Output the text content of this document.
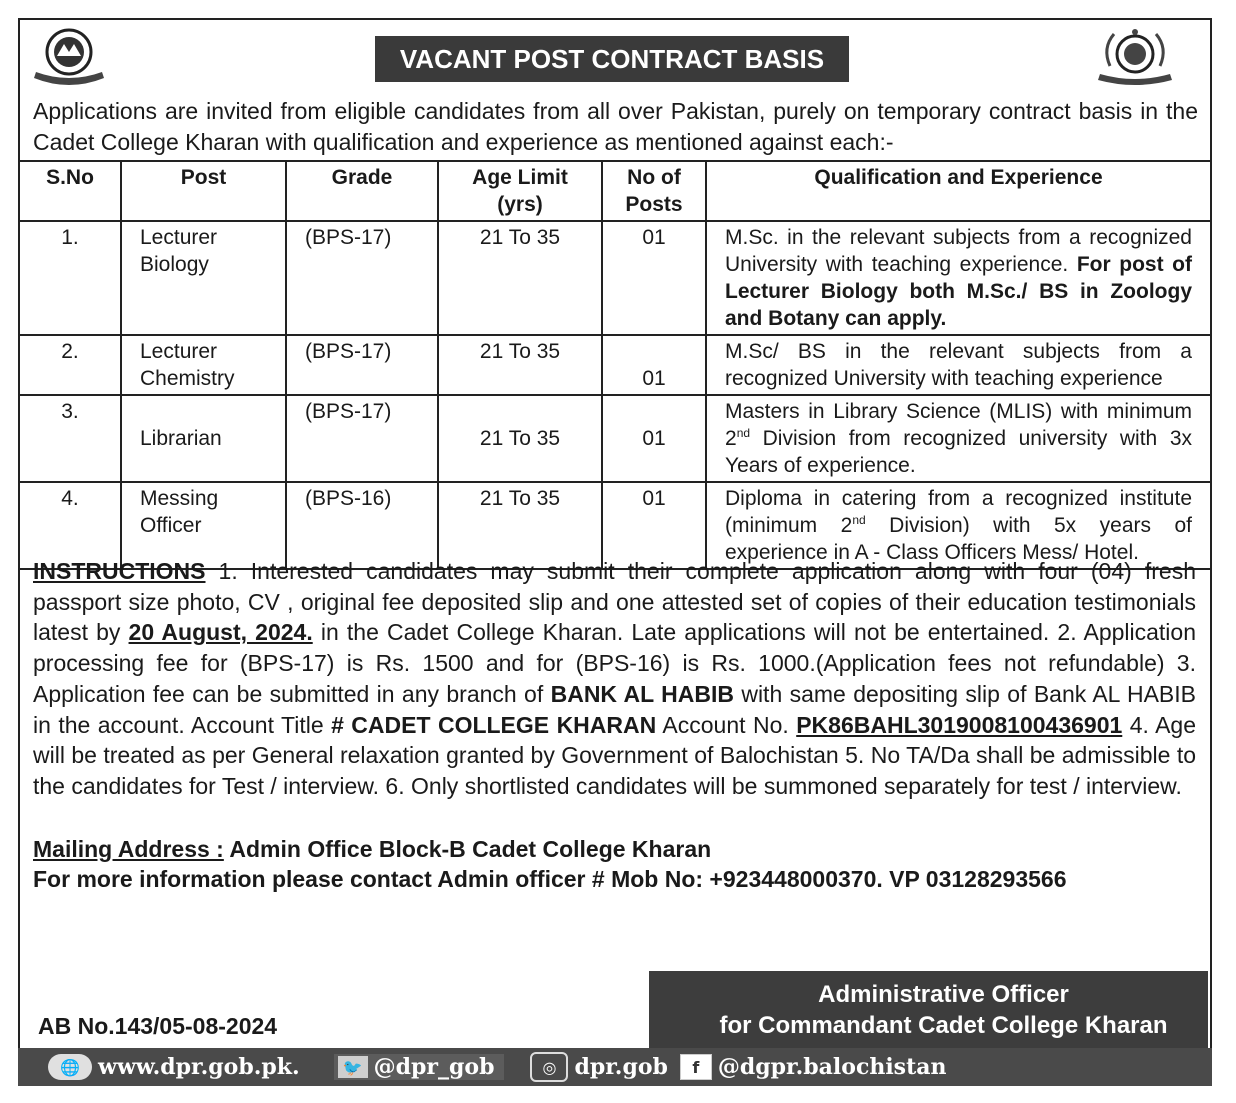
VACANT POST CONTRACT BASIS
Applications are invited from eligible candidates from all over Pakistan, purely on temporary contract basis in the Cadet College Kharan with qualification and experience as mentioned against each:-
S.No	Post	Grade	Age Limit (yrs)	No of Posts	Qualification and Experience
1.	Lecturer Biology	(BPS-17)	21 To 35	01	M.Sc. in the relevant subjects from a recognized University with teaching experience. For post of Lecturer Biology both M.Sc./ BS in Zoology and Botany can apply.
2.	Lecturer Chemistry	(BPS-17)	21 To 35	01	M.Sc/ BS in the relevant subjects from a recognized University with teaching experience
3.	Librarian	(BPS-17)	21 To 35	01	Masters in Library Science (MLIS) with minimum 2nd Division from recognized university with 3x Years of experience.
4.	Messing Officer	(BPS-16)	21 To 35	01	Diploma in catering from a recognized institute (minimum 2nd Division) with 5x years of experience in A - Class Officers Mess/ Hotel.
INSTRUCTIONS 1. Interested candidates may submit their complete application along with four (04) fresh passport size photo, CV , original fee deposited slip and one attested set of copies of their education testimonials latest by 20 August, 2024. in the Cadet College Kharan. Late applications will not be entertained. 2. Application processing fee for (BPS-17) is Rs. 1500 and for (BPS-16) is Rs. 1000.(Application fees not refundable) 3. Application fee can be submitted in any branch of BANK AL HABIB with same depositing slip of Bank AL HABIB in the account. Account Title # CADET COLLEGE KHARAN Account No. PK86BAHL3019008100436901 4. Age will be treated as per General relaxation granted by Government of Balochistan 5. No TA/Da shall be admissible to the candidates for Test / interview. 6. Only shortlisted candidates will be summoned separately for test / interview.
Mailing Address : Admin Office Block-B Cadet College Kharan
For more information please contact Admin officer # Mob No: +923448000370. VP 03128293566
AB No.143/05-08-2024
Administrative Officer
for Commandant Cadet College Kharan
🌐 www.dpr.gob.pk.	🐦 @dpr_gob	◎ dpr.gob	f @dgpr.balochistan
